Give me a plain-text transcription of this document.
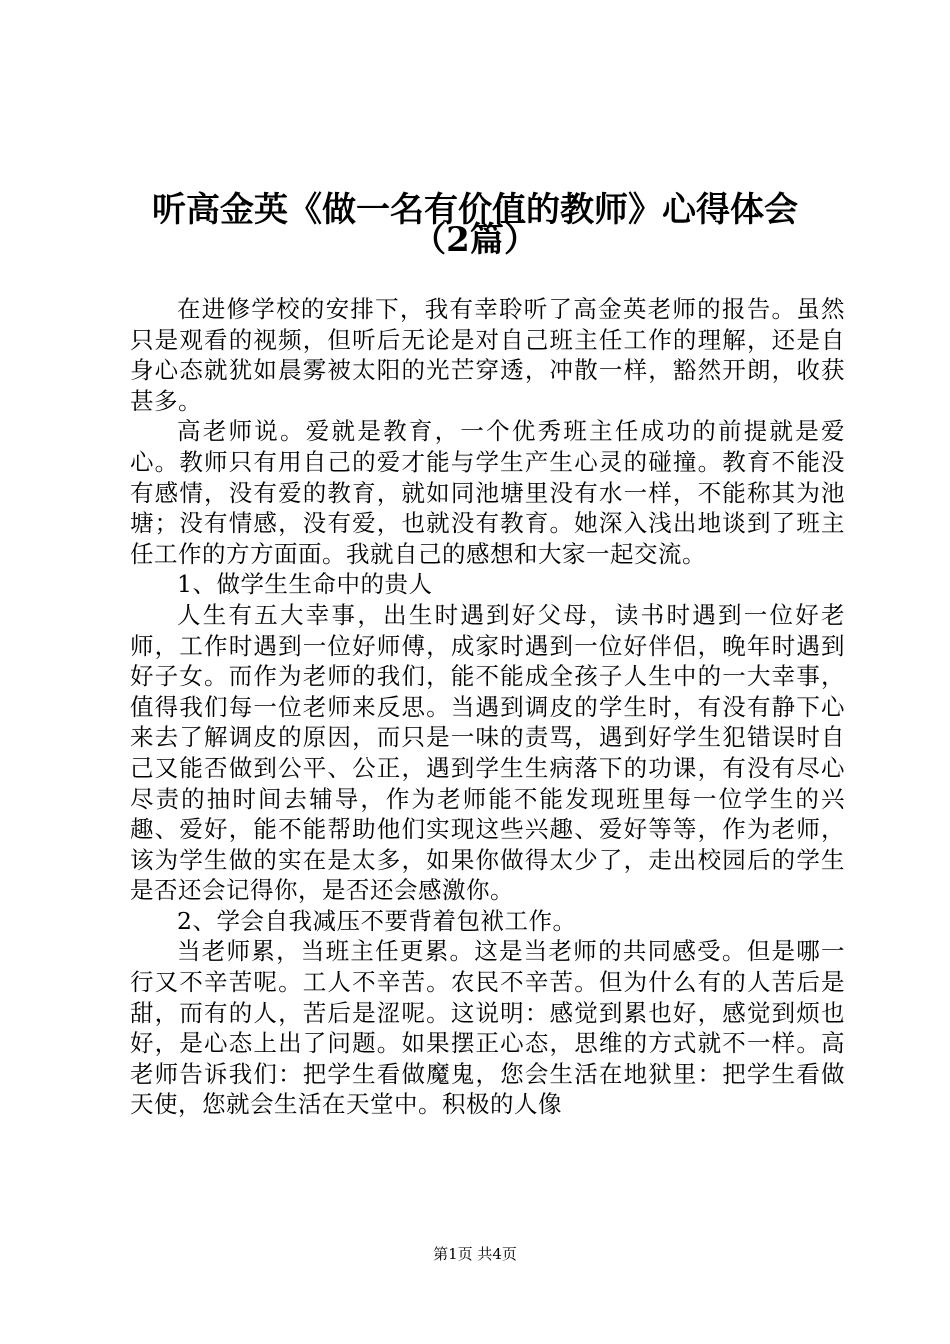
听高金英《做一名有价值的教师》心得体会
（2篇）

在进修学校的安排下，我有幸聆听了高金英老师的报告。虽然只是观看的视频，但听后无论是对自己班主任工作的理解，还是自身心态就犹如晨雾被太阳的光芒穿透，冲散一样，豁然开朗，收获甚多。

高老师说。爱就是教育，一个优秀班主任成功的前提就是爱心。教师只有用自己的爱才能与学生产生心灵的碰撞。教育不能没有感情，没有爱的教育，就如同池塘里没有水一样，不能称其为池塘；没有情感，没有爱，也就没有教育。她深入浅出地谈到了班主任工作的方方面面。我就自己的感想和大家一起交流。

1、做学生生命中的贵人

人生有五大幸事，出生时遇到好父母，读书时遇到一位好老师，工作时遇到一位好师傅，成家时遇到一位好伴侣，晚年时遇到好子女。而作为老师的我们，能不能成全孩子人生中的一大幸事，值得我们每一位老师来反思。当遇到调皮的学生时，有没有静下心来去了解调皮的原因，而只是一味的责骂，遇到好学生犯错误时自己又能否做到公平、公正，遇到学生生病落下的功课，有没有尽心尽责的抽时间去辅导，作为老师能不能发现班里每一位学生的兴趣、爱好，能不能帮助他们实现这些兴趣、爱好等等，作为老师，该为学生做的实在是太多，如果你做得太少了，走出校园后的学生是否还会记得你，是否还会感激你。

2、学会自我减压不要背着包袱工作。

当老师累，当班主任更累。这是当老师的共同感受。但是哪一行又不辛苦呢。工人不辛苦。农民不辛苦。但为什么有的人苦后是甜，而有的人，苦后是涩呢。这说明：感觉到累也好，感觉到烦也好，是心态上出了问题。如果摆正心态，思维的方式就不一样。高老师告诉我们：把学生看做魔鬼，您会生活在地狱里：把学生看做天使，您就会生活在天堂中。积极的人像

第1页 共4页
